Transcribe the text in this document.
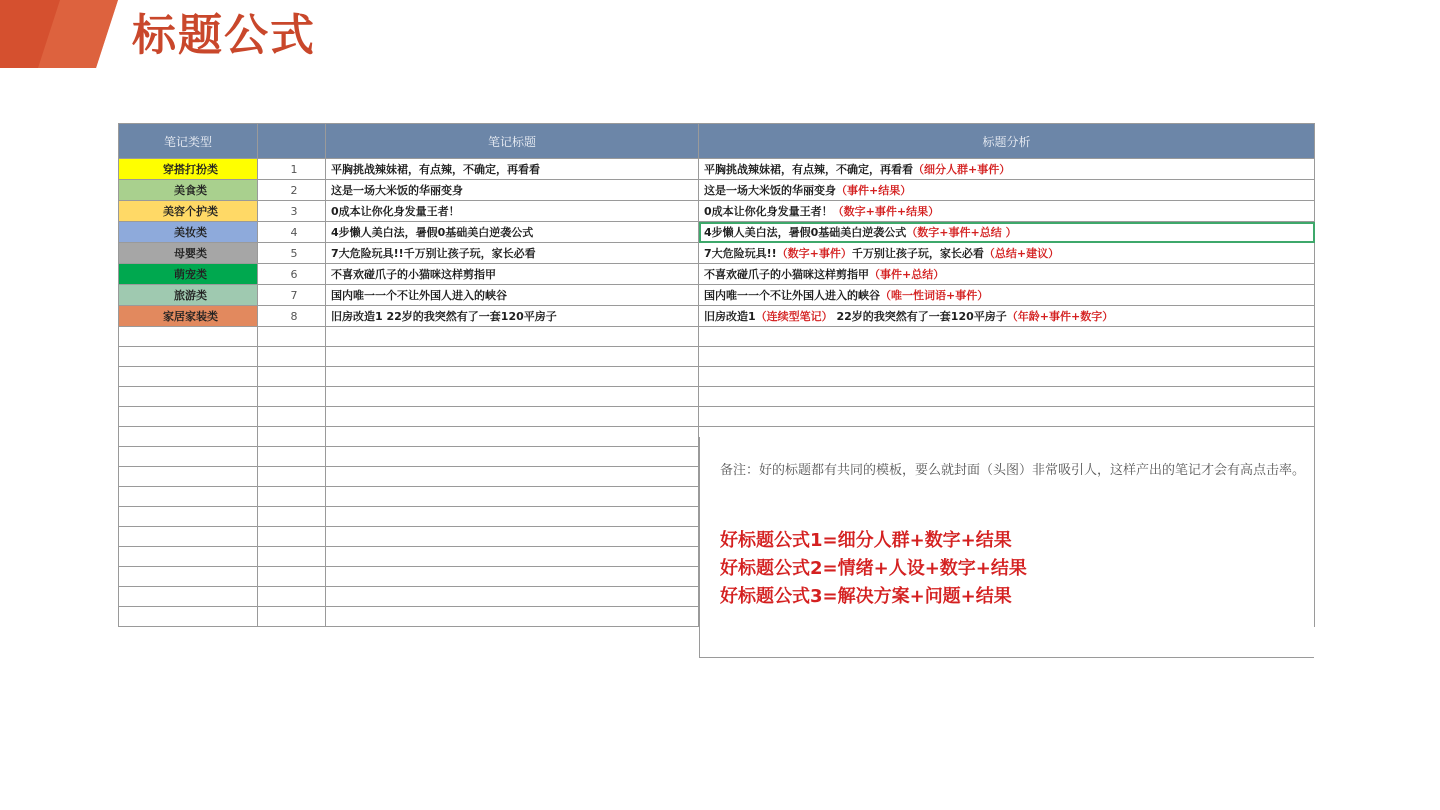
标题公式
笔记类型		笔记标题	标题分析
穿搭打扮类	1	平胸挑战辣妹裙，有点辣，不确定，再看看	平胸挑战辣妹裙，有点辣，不确定，再看看（细分人群+事件）
美食类	2	这是一场大米饭的华丽变身	这是一场大米饭的华丽变身（事件+结果）
美容个护类	3	0成本让你化身发量王者！	0成本让你化身发量王者！（数字+事件+结果）
美妆类	4	4步懒人美白法，暑假0基础美白逆袭公式	4步懒人美白法，暑假0基础美白逆袭公式（数字+事件+总结 ）
母婴类	5	7大危险玩具!!千万别让孩子玩，家长必看	7大危险玩具!!（数字+事件）千万别让孩子玩，家长必看（总结+建议）
萌宠类	6	不喜欢碰爪子的小猫咪这样剪指甲	不喜欢碰爪子的小猫咪这样剪指甲（事件+总结）
旅游类	7	国内唯一一个不让外国人进入的峡谷	国内唯一一个不让外国人进入的峡谷（唯一性词语+事件）
家居家装类	8	旧房改造1 22岁的我突然有了一套120平房子	旧房改造1（连续型笔记） 22岁的我突然有了一套120平房子（年龄+事件+数字）

备注：好的标题都有共同的模板，要么就封面（头图）非常吸引人，这样产出的笔记才会有高点击率。
好标题公式1=细分人群+数字+结果
好标题公式2=情绪+人设+数字+结果
好标题公式3=解决方案+问题+结果
